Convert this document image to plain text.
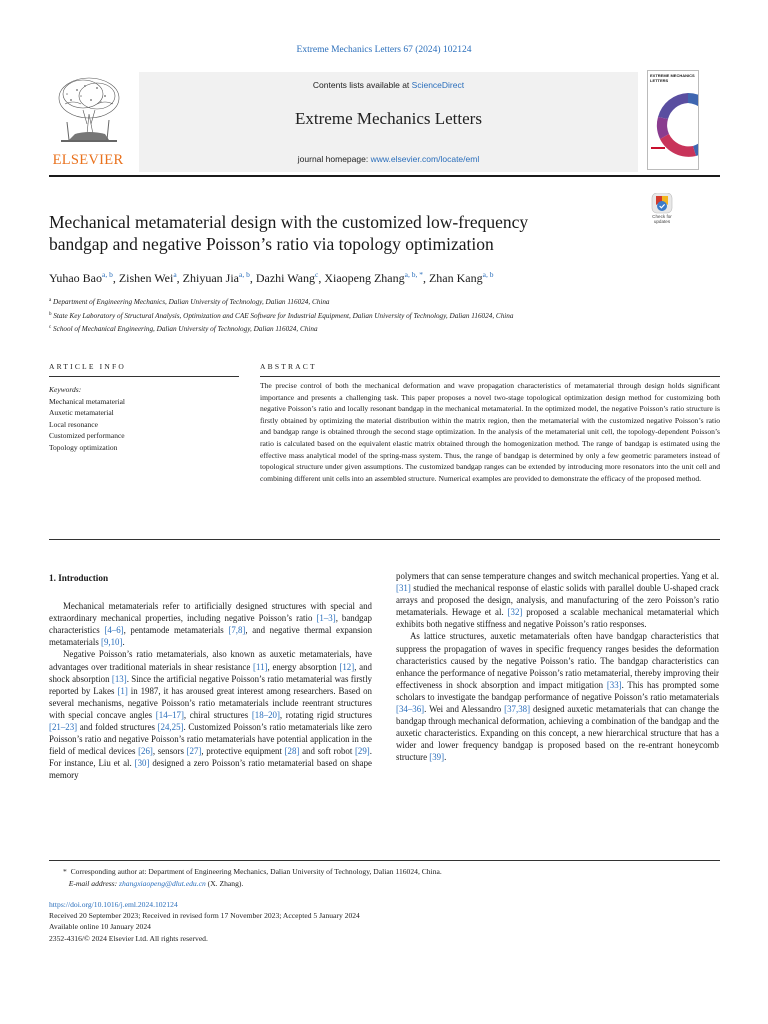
Extreme Mechanics Letters 67 (2024) 102124
ELSEVIER
Contents lists available at ScienceDirect
Extreme Mechanics Letters
journal homepage: www.elsevier.com/locate/eml
EXTREME MECHANICS LETTERS
Mechanical metamaterial design with the customized low-frequency
bandgap and negative Poisson’s ratio via topology optimization
Check for updates
Yuhao Bao$^{a, b}$, Zishen Wei$^a$, Zhiyuan Jia$^{a, b}$, Dazhi Wang$^c$, Xiaopeng Zhang$^{a, b, *}$, Zhan Kang$^{a, b}$
$^a$ Department of Engineering Mechanics, Dalian University of Technology, Dalian 116024, China
$^b$ State Key Laboratory of Structural Analysis, Optimization and CAE Software for Industrial Equipment, Dalian University of Technology, Dalian 116024, China
$^c$ School of Mechanical Engineering, Dalian University of Technology, Dalian 116024, China
ARTICLE INFO	ABSTRACT
Keywords:
Mechanical metamaterial
Auxetic metamaterial
Local resonance
Customized performance
Topology optimization
The precise control of both the mechanical deformation and wave propagation characteristics of metamaterial through design holds significant importance and presents a challenging task. This paper proposes a novel two-stage topological optimization design method for customizing both negative Poisson’s ratio and locally resonant bandgap in the mechanical metamaterial. In the optimized model, the negative Poisson’s ratio structure is firstly obtained by optimizing the material distribution within the matrix region, then the metamaterial with the customized negative Poisson’s ratio and bandgap range is obtained through the second stage optimization. In the analysis of the metamaterial unit cell, the topology-dependent Poisson’s ratio is calculated based on the equivalent elastic matrix obtained through the homogenization method. The range of bandgap is estimated using the effective mass analytical model of the spring-mass system. Thus, the range of bandgap is determined by only a few geometric parameters instead of topological structure under given assumptions. The customized bandgap ranges can be extended by introducing more resonators into the unit cell and combining different unit cells into an assembled structure. Numerical examples are provided to demonstrate the efficacy of the proposed method.
1. Introduction

Mechanical metamaterials refer to artificially designed structures with special and extraordinary mechanical properties, including negative Poisson’s ratio [1–3], bandgap characteristics [4–6], pentamode metamaterials [7,8], and negative thermal expansion metamaterials [9,10].

Negative Poisson’s ratio metamaterials, also known as auxetic metamaterials, have advantages over traditional materials in shear resistance [11], energy absorption [12], and shock absorption [13]. Since the artificial negative Poisson’s ratio metamaterial was firstly reported by Lakes [1] in 1987, it has aroused great interest among researchers. Based on several mechanisms, negative Poisson’s ratio metamaterials include reentrant structures with special concave angles [14–17], chiral structures [18–20], rotating rigid structures [21–23] and folded structures [24,25]. Customized Poisson’s ratio metamaterials like zero Poisson’s ratio and negative Poisson’s ratio metamaterials have potential application in the field of medical devices [26], sensors [27], protective equipment [28] and soft robot [29]. For instance, Liu et al. [30] designed a zero Poisson’s ratio metamaterial based on shape memory

polymers that can sense temperature changes and switch mechanical properties. Yang et al. [31] studied the mechanical response of elastic solids with parallel double U-shaped crack arrays and proposed the design, analysis, and manufacturing of the zero Poisson’s ratio metamaterials. Hewage et al. [32] proposed a scalable mechanical metamaterial which exhibits both negative stiffness and negative Poisson’s ratio responses.

As lattice structures, auxetic metamaterials often have bandgap characteristics that suppress the propagation of waves in specific frequency ranges besides the deformation characteristics caused by the negative Poisson’s ratio. The bandgap characteristics can enhance the performance of negative Poisson’s ratio metamaterial, thereby improving their effectiveness in shock absorption and impact mitigation [33]. This has prompted some scholars to investigate the bandgap performance of negative Poisson’s ratio metamaterials [34–36]. Wei and Alessandro [37,38] designed auxetic metamaterials that can change the bandgap through mechanical deformation, achieving a combination of the bandgap and the auxetic characteristics. Expanding on this concept, a new hierarchical structure that has a wider and lower frequency bandgap is proposed based on the re-entrant honeycomb structure [39].

* Corresponding author at: Department of Engineering Mechanics, Dalian University of Technology, Dalian 116024, China.
E-mail address: zhangxiaopeng@dlut.edu.cn (X. Zhang).
https://doi.org/10.1016/j.eml.2024.102124
Received 20 September 2023; Received in revised form 17 November 2023; Accepted 5 January 2024
Available online 10 January 2024
2352-4316/© 2024 Elsevier Ltd. All rights reserved.
